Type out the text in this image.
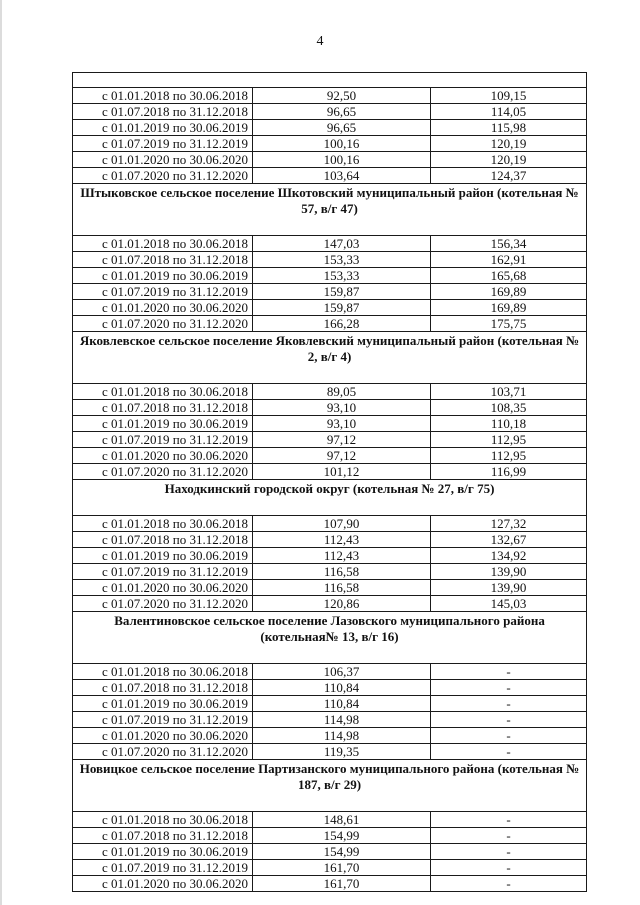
4

с 01.01.2018 по 30.06.2018	92,50	109,15
с 01.07.2018 по 31.12.2018	96,65	114,05
с 01.01.2019 по 30.06.2019	96,65	115,98
с 01.07.2019 по 31.12.2019	100,16	120,19
с 01.01.2020 по 30.06.2020	100,16	120,19
с 01.07.2020 по 31.12.2020	103,64	124,37
Штыковское сельское поселение Шкотовский муниципальный район (котельная № 57, в/г 47)		
с 01.01.2018 по 30.06.2018	147,03	156,34
с 01.07.2018 по 31.12.2018	153,33	162,91
с 01.01.2019 по 30.06.2019	153,33	165,68
с 01.07.2019 по 31.12.2019	159,87	169,89
с 01.01.2020 по 30.06.2020	159,87	169,89
с 01.07.2020 по 31.12.2020	166,28	175,75
Яковлевское сельское поселение Яковлевский муниципальный район (котельная № 2, в/г 4)		
с 01.01.2018 по 30.06.2018	89,05	103,71
с 01.07.2018 по 31.12.2018	93,10	108,35
с 01.01.2019 по 30.06.2019	93,10	110,18
с 01.07.2019 по 31.12.2019	97,12	112,95
с 01.01.2020 по 30.06.2020	97,12	112,95
с 01.07.2020 по 31.12.2020	101,12	116,99
Находкинский городской округ (котельная № 27, в/г 75)		
с 01.01.2018 по 30.06.2018	107,90	127,32
с 01.07.2018 по 31.12.2018	112,43	132,67
с 01.01.2019 по 30.06.2019	112,43	134,92
с 01.07.2019 по 31.12.2019	116,58	139,90
с 01.01.2020 по 30.06.2020	116,58	139,90
с 01.07.2020 по 31.12.2020	120,86	145,03
Валентиновское сельское поселение Лазовского муниципального района (котельная№ 13, в/г 16)		
с 01.01.2018 по 30.06.2018	106,37	-
с 01.07.2018 по 31.12.2018	110,84	-
с 01.01.2019 по 30.06.2019	110,84	-
с 01.07.2019 по 31.12.2019	114,98	-
с 01.01.2020 по 30.06.2020	114,98	-
с 01.07.2020 по 31.12.2020	119,35	-
Новицкое сельское поселение Партизанского муниципального района (котельная № 187, в/г 29)		
с 01.01.2018 по 30.06.2018	148,61	-
с 01.07.2018 по 31.12.2018	154,99	-
с 01.01.2019 по 30.06.2019	154,99	-
с 01.07.2019 по 31.12.2019	161,70	-
с 01.01.2020 по 30.06.2020	161,70	-
